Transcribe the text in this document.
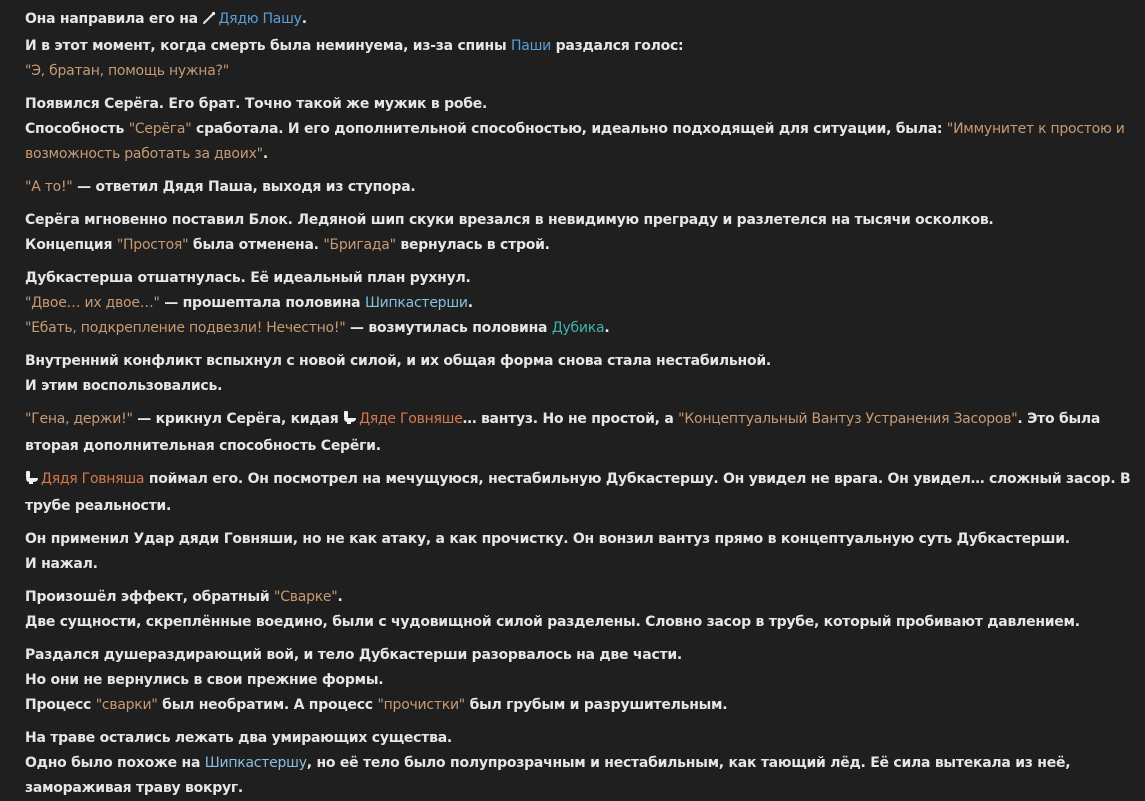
Она направила его на Дядю Пашу.
И в этот момент, когда смерть была неминуема, из-за спины Паши раздался голос:
"Э, братан, помощь нужна?"
Появился Серёга. Его брат. Точно такой же мужик в робе.
Способность "Серёга" сработала. И его дополнительной способностью, идеально подходящей для ситуации, была: "Иммунитет к простою и возможность работать за двоих".
"А то!" — ответил Дядя Паша, выходя из ступора.
Серёга мгновенно поставил Блок. Ледяной шип скуки врезался в невидимую преграду и разлетелся на тысячи осколков.
Концепция "Простоя" была отменена. "Бригада" вернулась в строй.
Дубкастерша отшатнулась. Её идеальный план рухнул.
"Двое… их двое…" — прошептала половина Шипкастерши.
"Ебать, подкрепление подвезли! Нечестно!" — возмутилась половина Дубика.
Внутренний конфликт вспыхнул с новой силой, и их общая форма снова стала нестабильной.
И этим воспользовались.
"Гена, держи!" — крикнул Серёга, кидая Дяде Говняше… вантуз. Но не простой, а "Концептуальный Вантуз Устранения Засоров". Это была вторая дополнительная способность Серёги.
Дядя Говняша поймал его. Он посмотрел на мечущуюся, нестабильную Дубкастершу. Он увидел не врага. Он увидел… сложный засор. В трубе реальности.
Он применил Удар дяди Говняши, но не как атаку, а как прочистку. Он вонзил вантуз прямо в концептуальную суть Дубкастерши.
И нажал.
Произошёл эффект, обратный "Сварке".
Две сущности, скреплённые воедино, были с чудовищной силой разделены. Словно засор в трубе, который пробивают давлением.
Раздался душераздирающий вой, и тело Дубкастерши разорвалось на две части.
Но они не вернулись в свои прежние формы.
Процесс "сварки" был необратим. А процесс "прочистки" был грубым и разрушительным.
На траве остались лежать два умирающих существа.
Одно было похоже на Шипкастершу, но её тело было полупрозрачным и нестабильным, как тающий лёд. Её сила вытекала из неё, замораживая траву вокруг.
